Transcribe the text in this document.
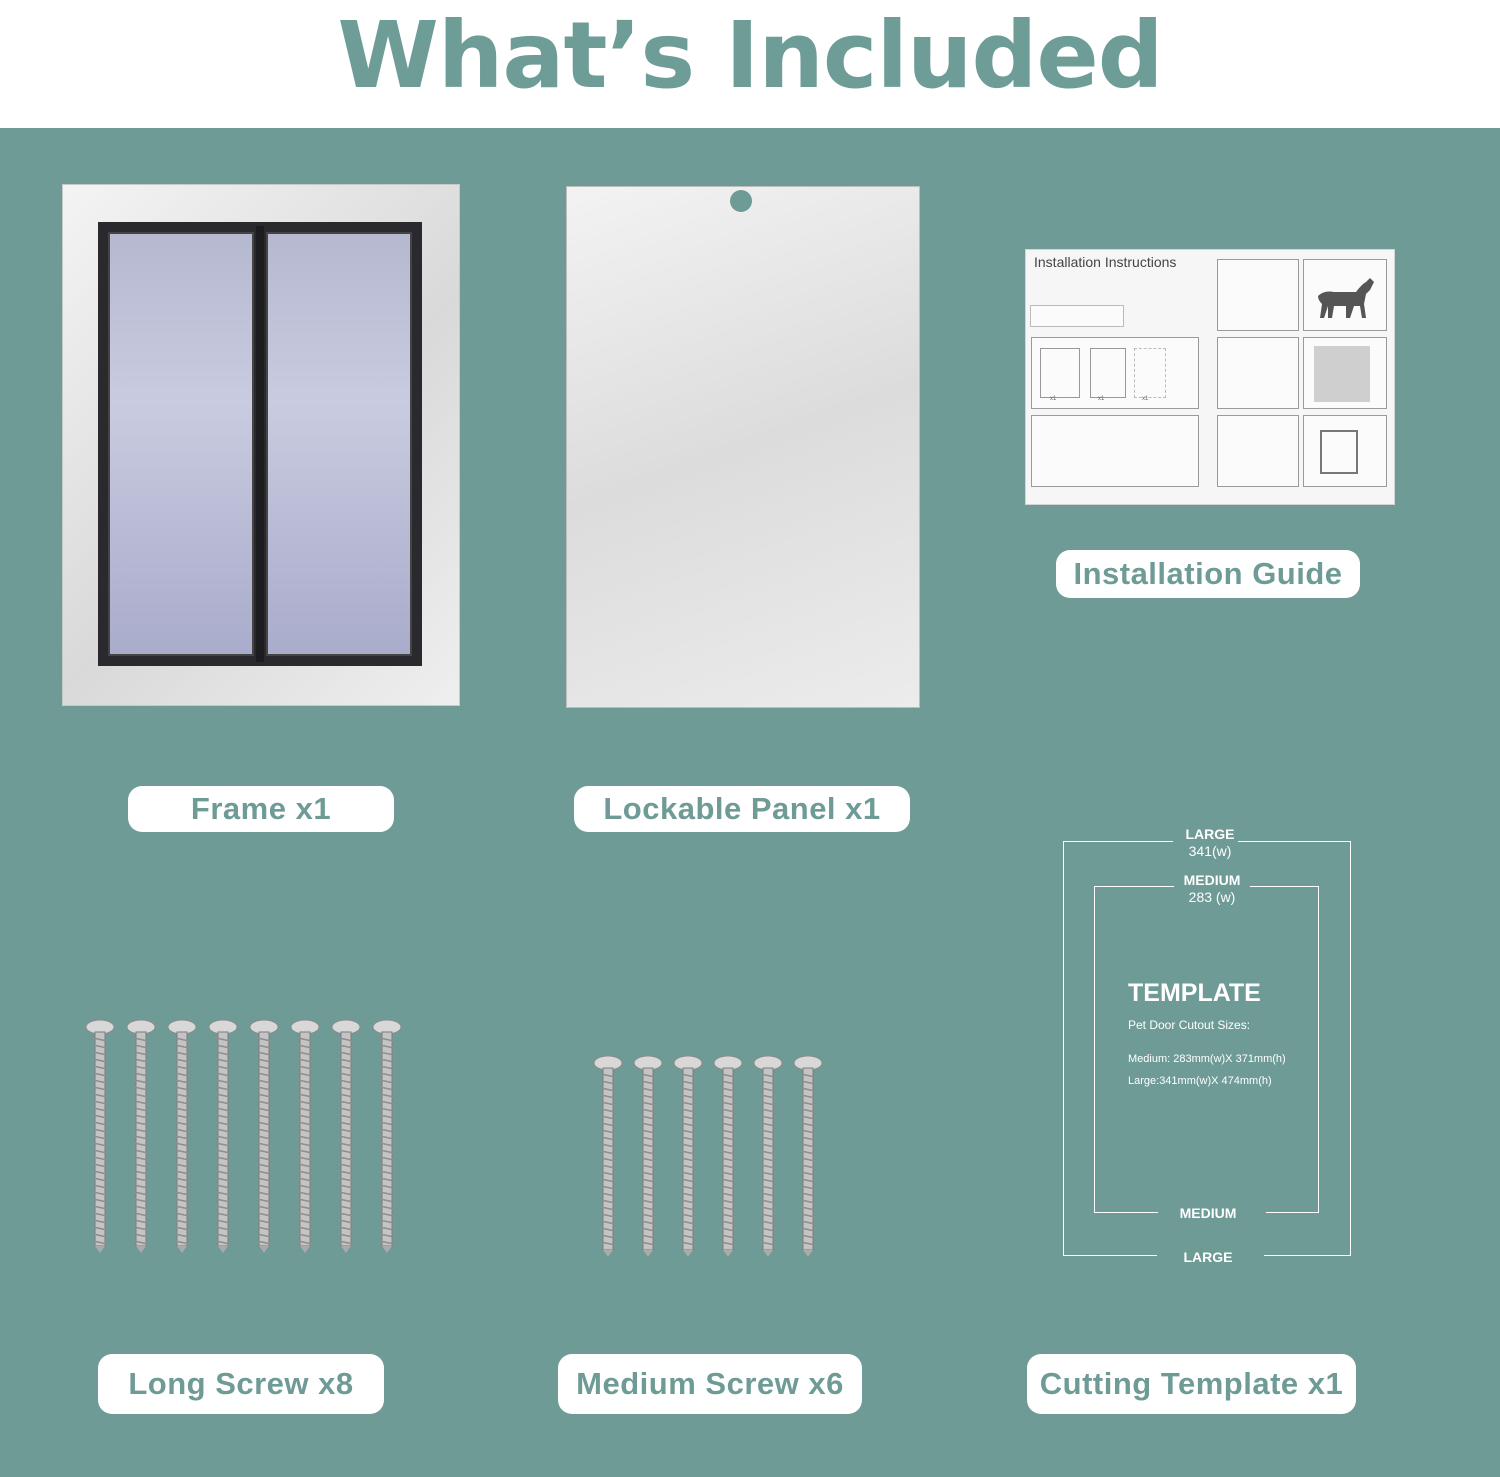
What’s Included
Frame x1	Lockable Panel x1
Installation Instructions
x1	x1	x1
Installation Guide
LARGE
341(w)
MEDIUM
283 (w)
TEMPLATE
Pet Door Cutout Sizes:
Medium: 283mm(w)X 371mm(h)
Large:341mm(w)X 474mm(h)
MEDIUM
LARGE
Cutting Template x1
Long Screw x8	Medium Screw x6
